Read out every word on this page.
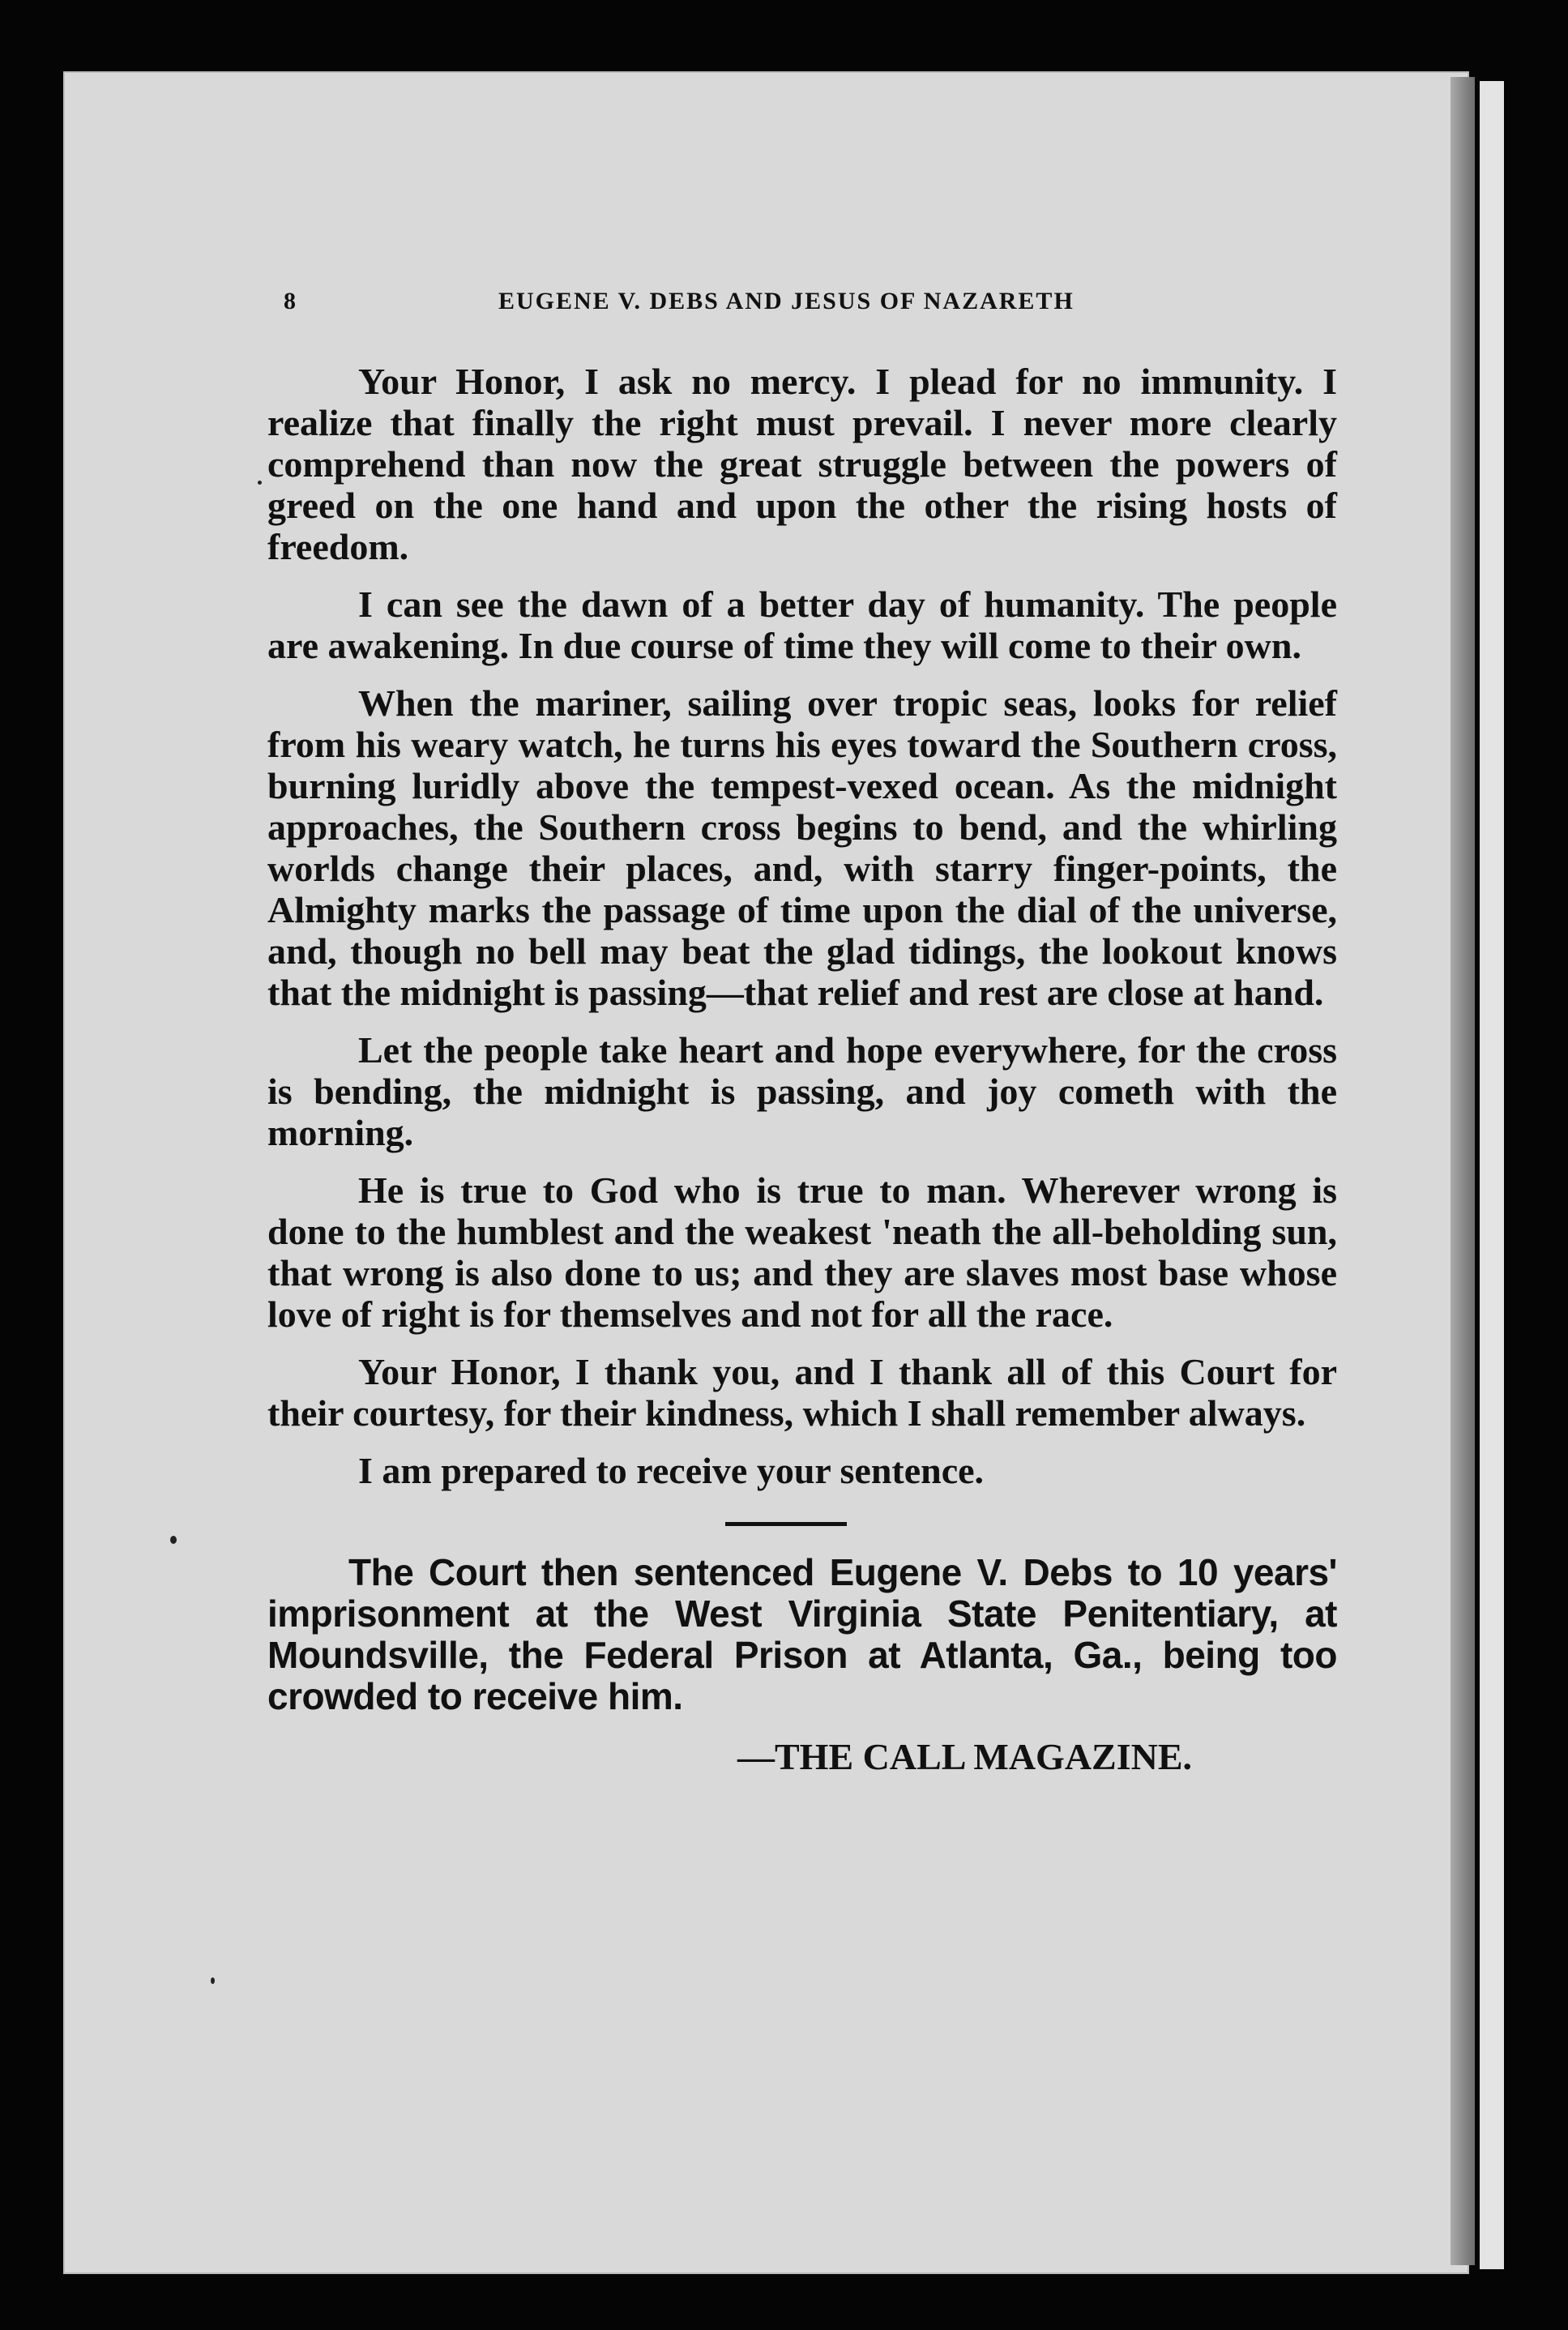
8	EUGENE V. DEBS AND JESUS OF NAZARETH

Your Honor, I ask no mercy. I plead for no immunity. I realize that finally the right must prevail. I never more clearly comprehend than now the great struggle between the powers of greed on the one hand and upon the other the rising hosts of freedom.

I can see the dawn of a better day of humanity. The people are awakening. In due course of time they will come to their own.

When the mariner, sailing over tropic seas, looks for relief from his weary watch, he turns his eyes toward the Southern cross, burning luridly above the tempest-vexed ocean. As the midnight approaches, the Southern cross begins to bend, and the whirling worlds change their places, and, with starry finger-points, the Almighty marks the passage of time upon the dial of the universe, and, though no bell may beat the glad tidings, the lookout knows that the midnight is passing—that relief and rest are close at hand.

Let the people take heart and hope everywhere, for the cross is bending, the midnight is passing, and joy cometh with the morning.

He is true to God who is true to man. Wherever wrong is done to the humblest and the weakest 'neath the all-beholding sun, that wrong is also done to us; and they are slaves most base whose love of right is for themselves and not for all the race.

Your Honor, I thank you, and I thank all of this Court for their courtesy, for their kindness, which I shall remember always.

I am prepared to receive your sentence.

The Court then sentenced Eugene V. Debs to 10 years' imprisonment at the West Virginia State Penitentiary, at Moundsville, the Federal Prison at Atlanta, Ga., being too crowded to receive him.

—THE CALL MAGAZINE.
